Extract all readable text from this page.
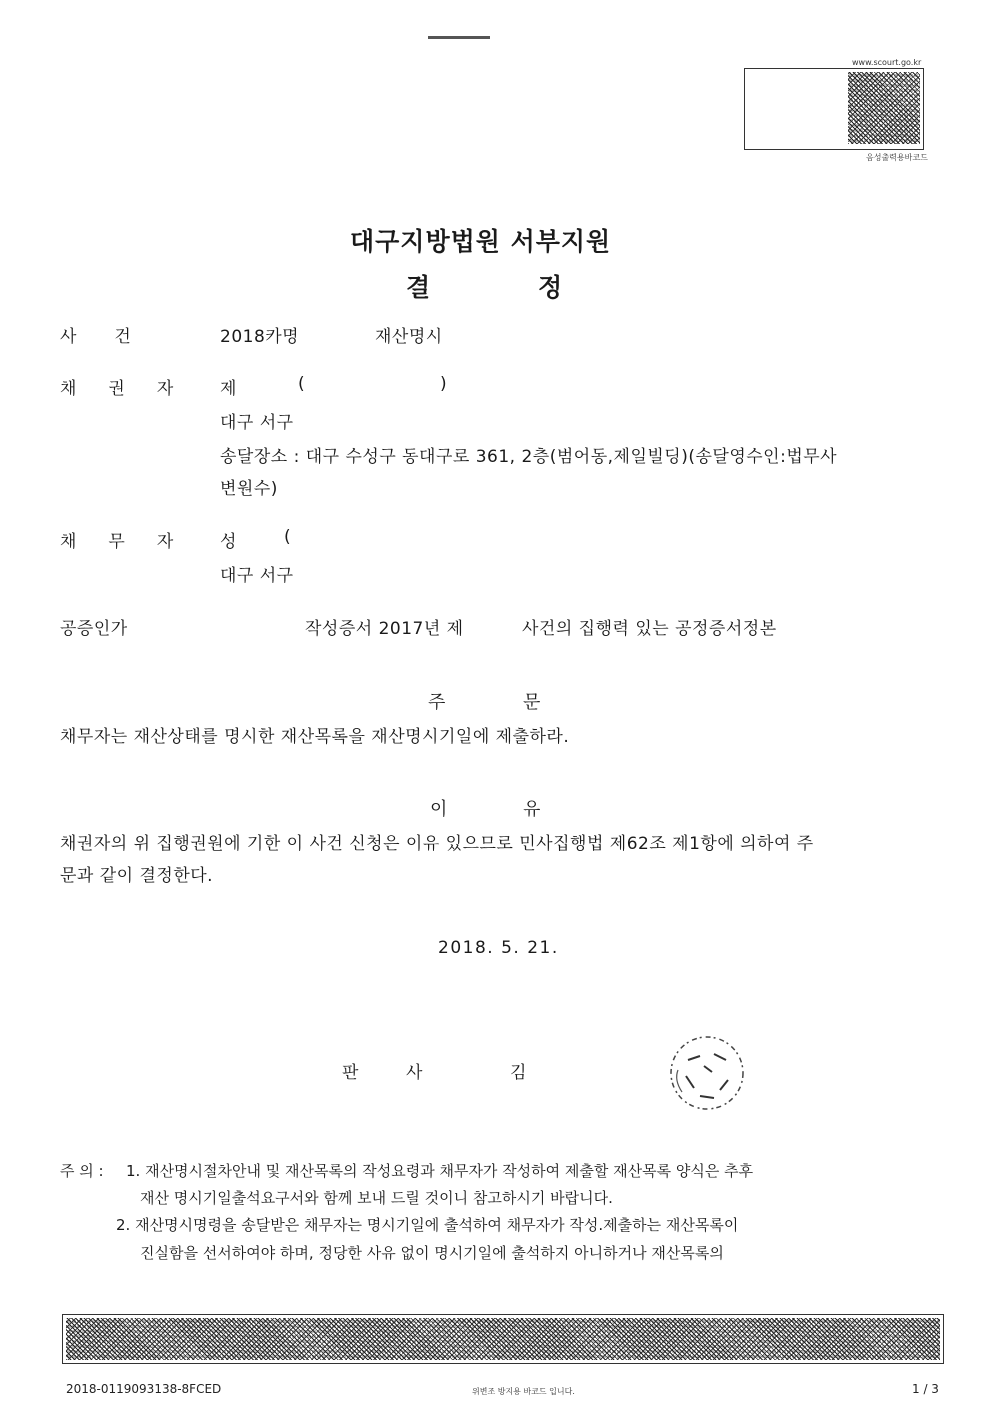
www.scourt.go.kr
음성출력용바코드
대구지방법원 서부지원
결	정
사건	2018카명	재산명시
채권자 제	(	)
대구 서구
송달장소 : 대구 수성구 동대구로 361, 2층(범어동,제일빌딩)(송달영수인:법무사
변원수)
채무자 성	(
대구 서구
공증인가	작성증서 2017년 제	사건의 집행력 있는 공정증서정본
주	문
채무자는 재산상태를 명시한 재산목록을 재산명시기일에 제출하라.
이	유
채권자의 위 집행권원에 기한 이 사건 신청은 이유 있으므로 민사집행법 제62조 제1항에 의하여 주
문과 같이 결정한다.
2018. 5. 21.
판	사	김
주 의 : 1. 재산명시절차안내 및 재산목록의 작성요령과 채무자가 작성하여 제출할 재산목록 양식은 추후
재산 명시기일출석요구서와 함께 보내 드릴 것이니 참고하시기 바랍니다.
2. 재산명시명령을 송달받은 채무자는 명시기일에 출석하여 채무자가 작성.제출하는 재산목록이
진실함을 선서하여야 하며, 정당한 사유 없이 명시기일에 출석하지 아니하거나 재산목록의
2018-0119093138-8FCED	위변조 방지용 바코드 입니다.	1 / 3
